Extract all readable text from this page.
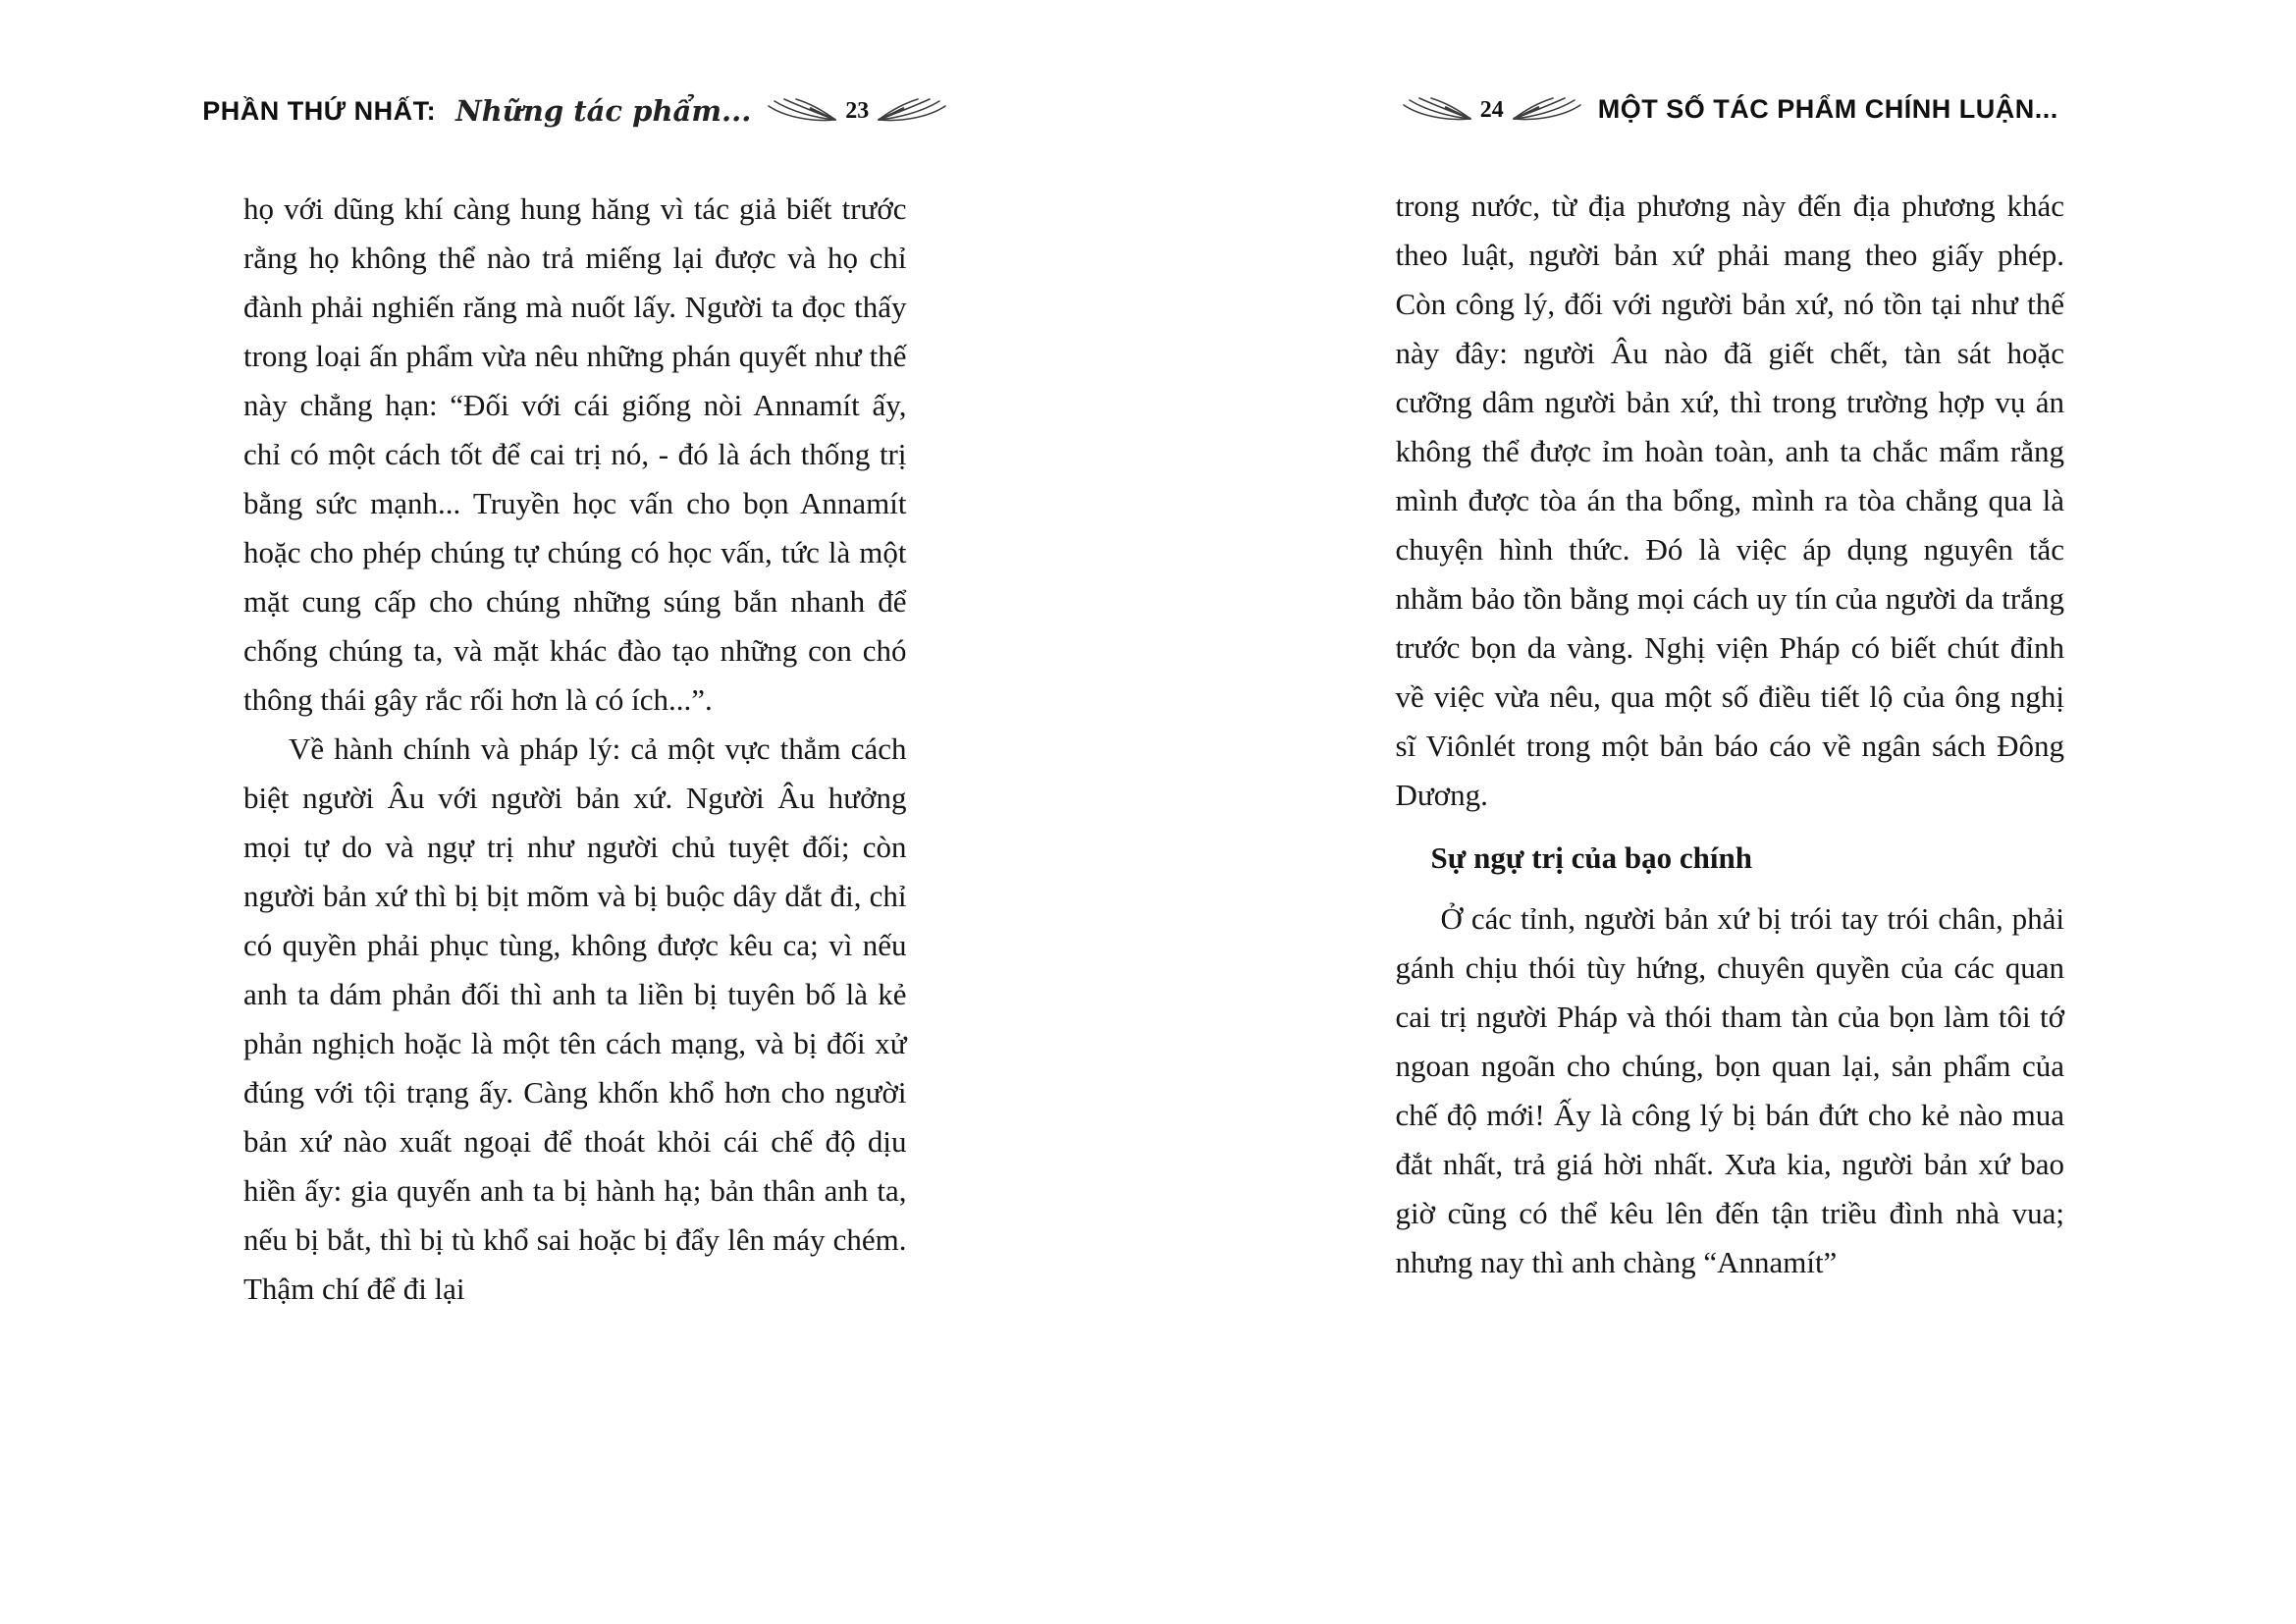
PHẦN THỨ NHẤT: Những tác phẩm...	23

họ với dũng khí càng hung hăng vì tác giả biết trước rằng họ không thể nào trả miếng lại được và họ chỉ đành phải nghiến răng mà nuốt lấy. Người ta đọc thấy trong loại ấn phẩm vừa nêu những phán quyết như thế này chẳng hạn: “Đối với cái giống nòi Annamít ấy, chỉ có một cách tốt để cai trị nó, - đó là ách thống trị bằng sức mạnh... Truyền học vấn cho bọn Annamít hoặc cho phép chúng tự chúng có học vấn, tức là một mặt cung cấp cho chúng những súng bắn nhanh để chống chúng ta, và mặt khác đào tạo những con chó thông thái gây rắc rối hơn là có ích...”.

Về hành chính và pháp lý: cả một vực thẳm cách biệt người Âu với người bản xứ. Người Âu hưởng mọi tự do và ngự trị như người chủ tuyệt đối; còn người bản xứ thì bị bịt mõm và bị buộc dây dắt đi, chỉ có quyền phải phục tùng, không được kêu ca; vì nếu anh ta dám phản đối thì anh ta liền bị tuyên bố là kẻ phản nghịch hoặc là một tên cách mạng, và bị đối xử đúng với tội trạng ấy. Càng khốn khổ hơn cho người bản xứ nào xuất ngoại để thoát khỏi cái chế độ dịu hiền ấy: gia quyến anh ta bị hành hạ; bản thân anh ta, nếu bị bắt, thì bị tù khổ sai hoặc bị đẩy lên máy chém. Thậm chí để đi lại

24	MỘT SỐ TÁC PHẨM CHÍNH LUẬN...

trong nước, từ địa phương này đến địa phương khác theo luật, người bản xứ phải mang theo giấy phép. Còn công lý, đối với người bản xứ, nó tồn tại như thế này đây: người Âu nào đã giết chết, tàn sát hoặc cưỡng dâm người bản xứ, thì trong trường hợp vụ án không thể được ỉm hoàn toàn, anh ta chắc mẩm rằng mình được tòa án tha bổng, mình ra tòa chẳng qua là chuyện hình thức. Đó là việc áp dụng nguyên tắc nhằm bảo tồn bằng mọi cách uy tín của người da trắng trước bọn da vàng. Nghị viện Pháp có biết chút đỉnh về việc vừa nêu, qua một số điều tiết lộ của ông nghị sĩ Viônlét trong một bản báo cáo về ngân sách Đông Dương.

Sự ngự trị của bạo chính

Ở các tỉnh, người bản xứ bị trói tay trói chân, phải gánh chịu thói tùy hứng, chuyên quyền của các quan cai trị người Pháp và thói tham tàn của bọn làm tôi tớ ngoan ngoãn cho chúng, bọn quan lại, sản phẩm của chế độ mới! Ấy là công lý bị bán đứt cho kẻ nào mua đắt nhất, trả giá hời nhất. Xưa kia, người bản xứ bao giờ cũng có thể kêu lên đến tận triều đình nhà vua; nhưng nay thì anh chàng “Annamít”
